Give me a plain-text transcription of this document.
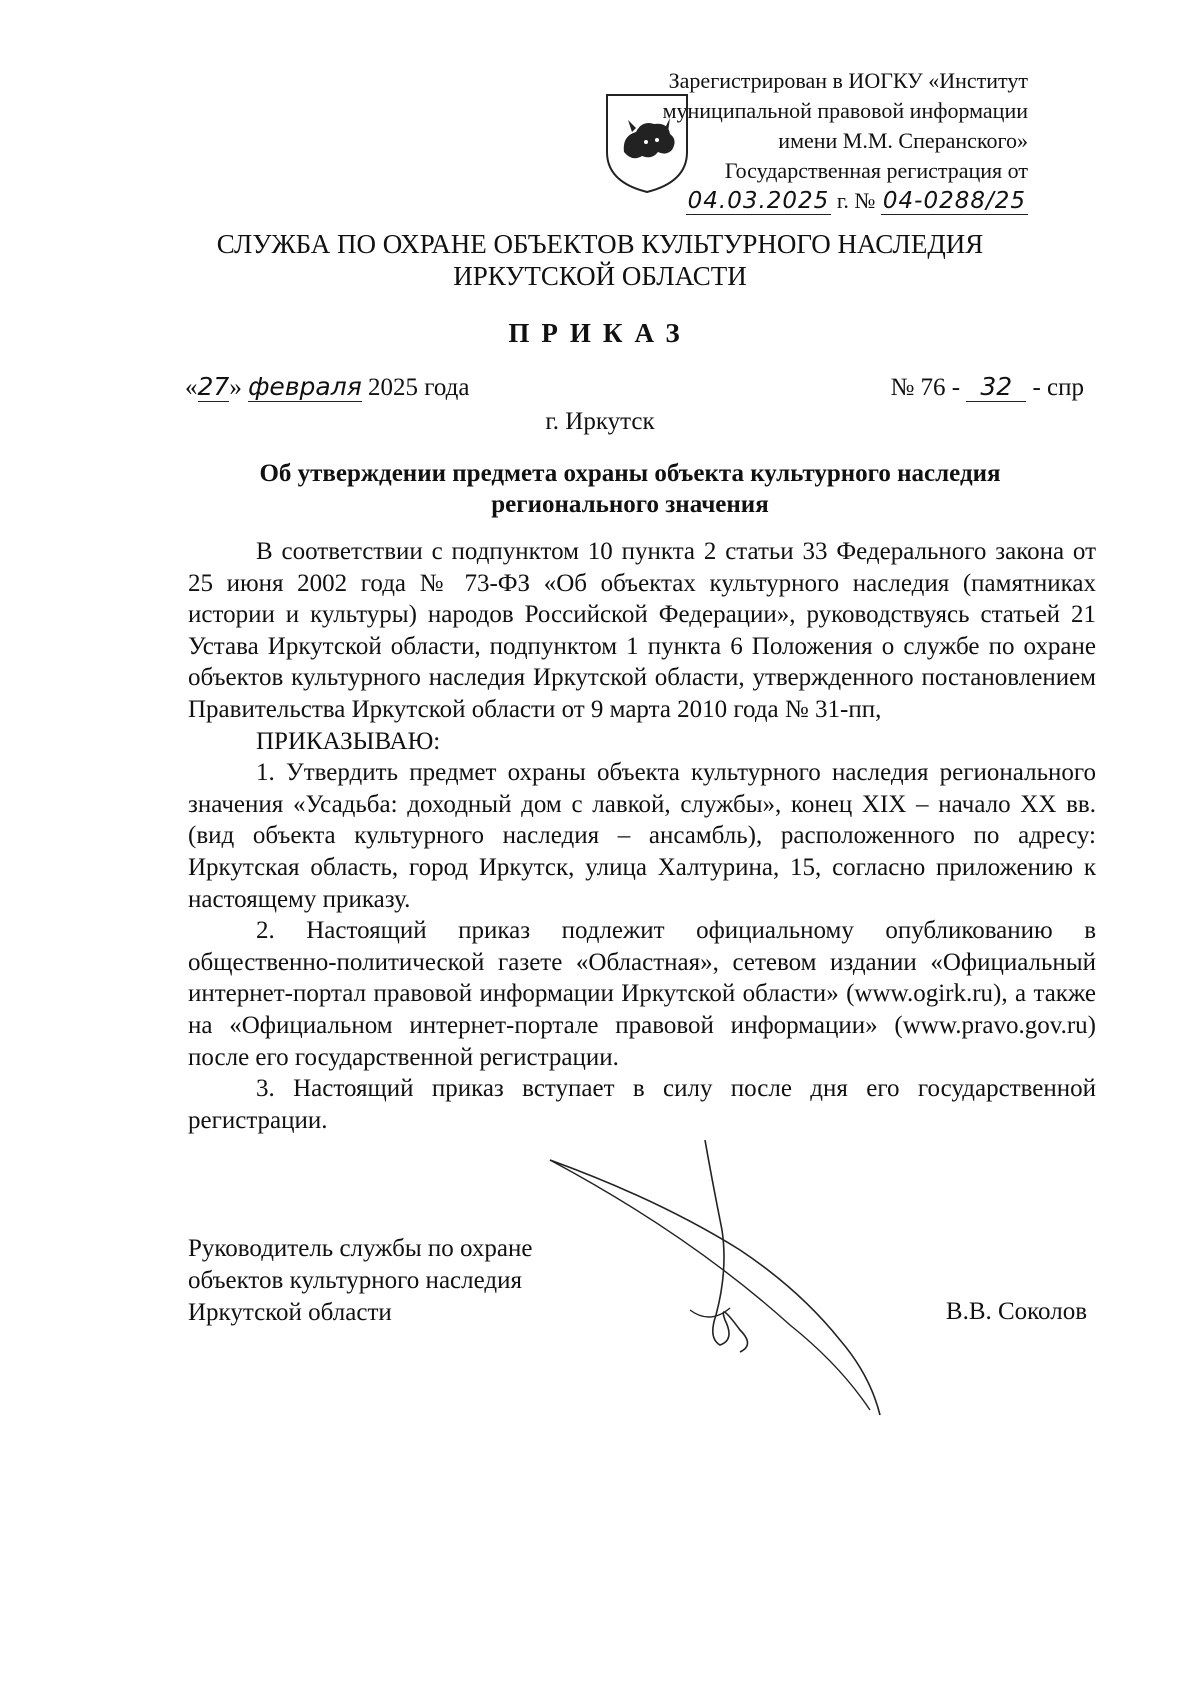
Зарегистрирован в ИОГКУ «Институт
муниципальной правовой информации
имени М.М. Сперанского»
Государственная регистрация от
04.03.2025 г. № 04-0288/25
СЛУЖБА ПО ОХРАНЕ ОБЪЕКТОВ КУЛЬТУРНОГО НАСЛЕДИЯ
ИРКУТСКОЙ ОБЛАСТИ
ПРИКАЗ
«27» февраля 2025 года	№ 76 - 32 - спр
г. Иркутск
Об утверждении предмета охраны объекта культурного наследия
регионального значения

В соответствии с подпунктом 10 пункта 2 статьи 33 Федерального закона от 25 июня 2002 года № 73-ФЗ «Об объектах культурного наследия (памятниках истории и культуры) народов Российской Федерации», руководствуясь статьей 21 Устава Иркутской области, подпунктом 1 пункта 6 Положения о службе по охране объектов культурного наследия Иркутской области, утвержденного постановлением Правительства Иркутской области от 9 марта 2010 года № 31-пп,

ПРИКАЗЫВАЮ:

1. Утвердить предмет охраны объекта культурного наследия регионального значения «Усадьба: доходный дом с лавкой, службы», конец XIX – начало XX вв. (вид объекта культурного наследия – ансамбль), расположенного по адресу: Иркутская область, город Иркутск, улица Халтурина, 15, согласно приложению к настоящему приказу.

2. Настоящий приказ подлежит официальному опубликованию в общественно-политической газете «Областная», сетевом издании «Официальный интернет-портал правовой информации Иркутской области» (www.ogirk.ru), а также на «Официальном интернет-портале правовой информации» (www.pravo.gov.ru) после его государственной регистрации.

3. Настоящий приказ вступает в силу после дня его государственной регистрации.

Руководитель службы по охране
объектов культурного наследия
Иркутской области	В.В. Соколов
